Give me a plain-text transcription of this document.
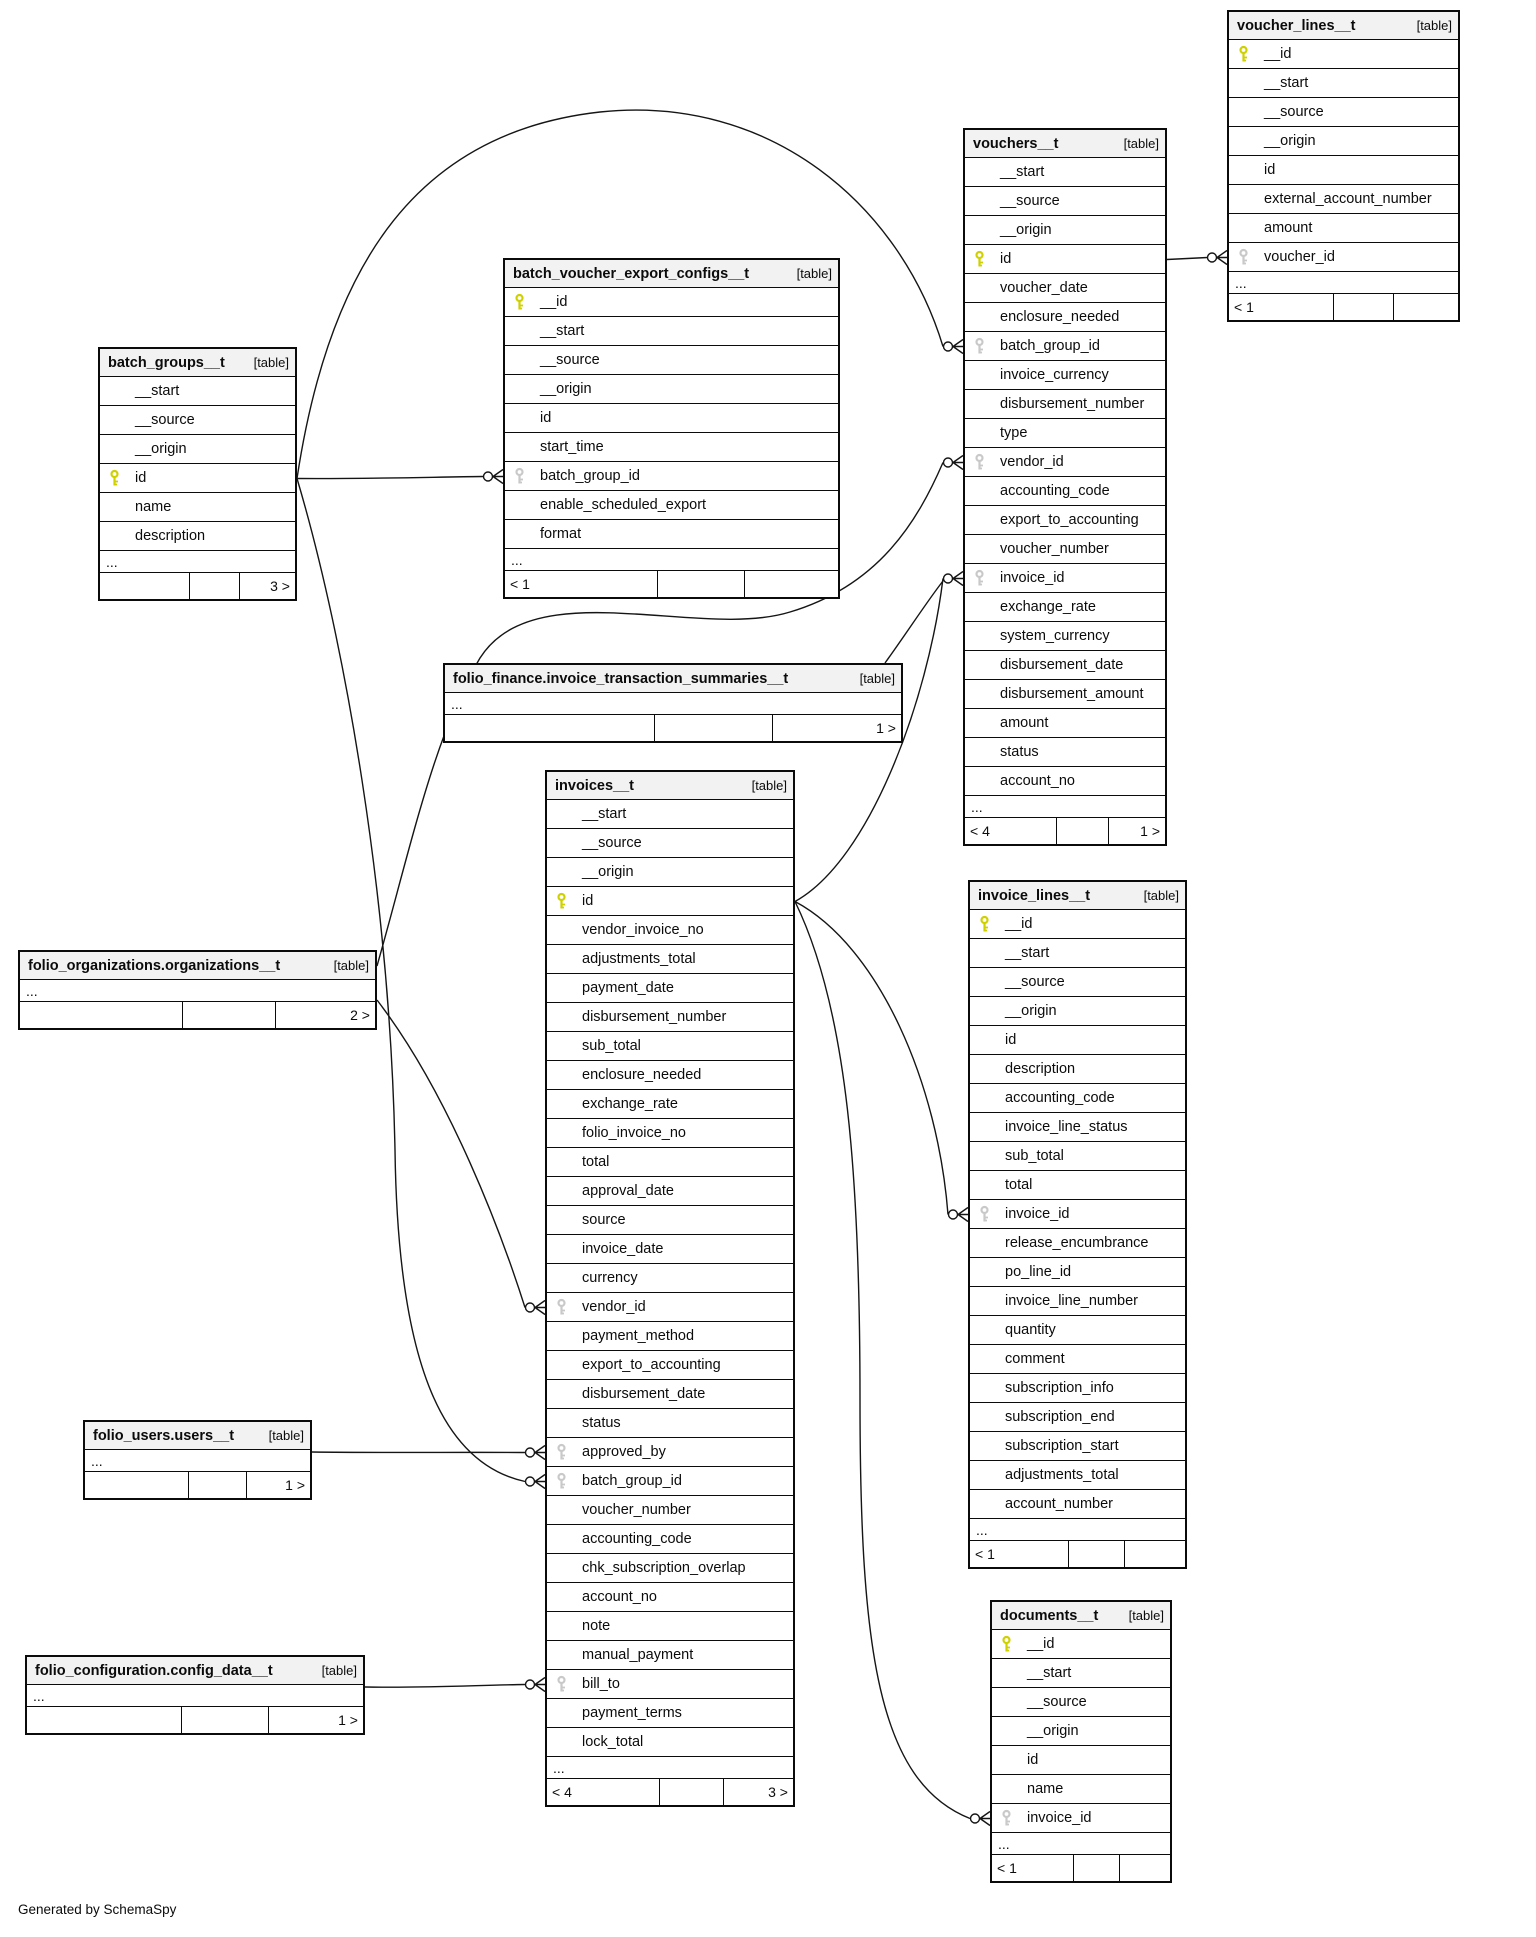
voucher_lines__t	[table]
__id
__start
__source
__origin
id
external_account_number
amount
voucher_id
...
< 1
vouchers__t	[table]
__start
__source
__origin
id
voucher_date
enclosure_needed
batch_group_id
invoice_currency
disbursement_number
type
vendor_id
accounting_code
export_to_accounting
voucher_number
invoice_id
exchange_rate
system_currency
disbursement_date
disbursement_amount
amount
status
account_no
...
< 4	1 >
batch_voucher_export_configs__t	[table]
__id
__start
__source
__origin
id
start_time
batch_group_id
enable_scheduled_export
format
...
< 1
batch_groups__t [table]
__start
__source
__origin
id
name
description
...
3 >
folio_finance.invoice_transaction_summaries__t	[table]
...
1 >
invoices__t	[table]
__start
__source
__origin
id
vendor_invoice_no
adjustments_total
payment_date
disbursement_number
sub_total
enclosure_needed
exchange_rate
folio_invoice_no
total
approval_date
source
invoice_date
currency
vendor_id
payment_method
export_to_accounting
disbursement_date
status
approved_by
batch_group_id
voucher_number
accounting_code
chk_subscription_overlap
account_no
note
manual_payment
bill_to
payment_terms
lock_total
...
< 4	3 >
invoice_lines__t	[table]
__id
__start
__source
__origin
id
description
accounting_code
invoice_line_status
sub_total
total
invoice_id
release_encumbrance
po_line_id
invoice_line_number
quantity
comment
subscription_info
subscription_end
subscription_start
adjustments_total
account_number
...
< 1
folio_organizations.organizations__t	[table]
...
2 >
folio_users.users__t	[table]
...
1 >
folio_configuration.config_data__t	[table]
...
1 >
documents__t [table]
__id
__start
__source
__origin
id
name
invoice_id
...
< 1
Generated by SchemaSpy
